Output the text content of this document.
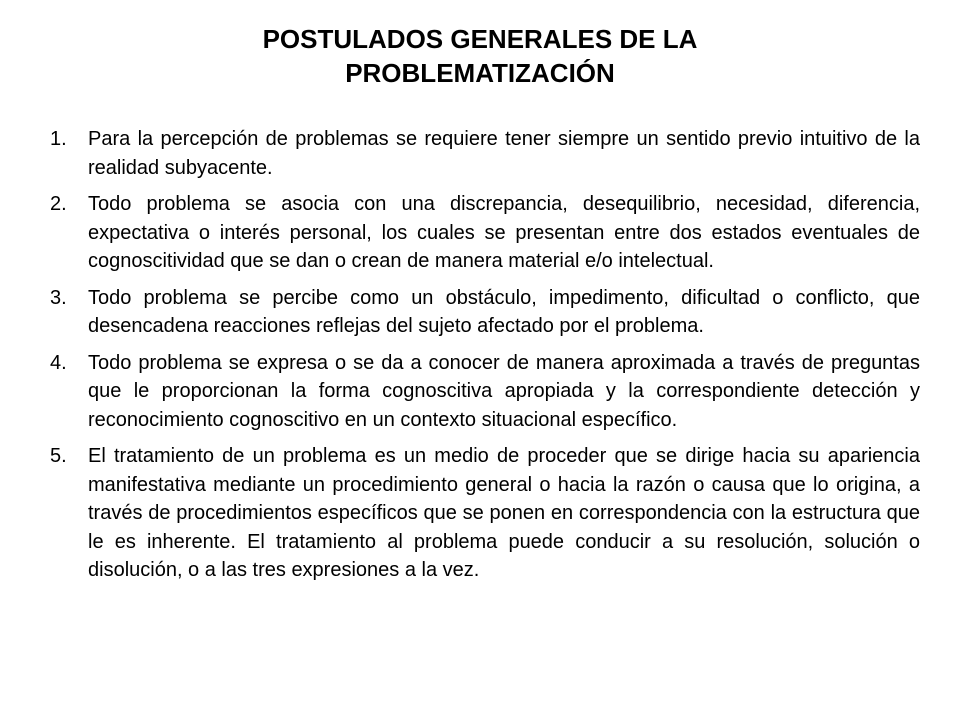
POSTULADOS GENERALES DE LA
PROBLEMATIZACIÓN
1.	Para la percepción de problemas se requiere tener siempre un sentido previo intuitivo de la realidad subyacente.
2.	Todo problema se asocia con una discrepancia, desequilibrio, necesidad, diferencia, expectativa o interés personal, los cuales se presentan entre dos estados eventuales de cognoscitividad que se dan o crean de manera material e/o intelectual.
3.	Todo problema se percibe como un obstáculo, impedimento, dificultad o conflicto, que desencadena reacciones reflejas del sujeto afectado por el problema.
4.	Todo problema se expresa o se da a conocer de manera aproximada a través de preguntas que le proporcionan la forma cognoscitiva apropiada y la correspondiente detección y reconocimiento cognoscitivo en un contexto situacional específico.
5.	El tratamiento de un problema es un medio de proceder que se dirige hacia su apariencia manifestativa mediante un procedimiento general o hacia la razón o causa que lo origina, a través de procedimientos específicos que se ponen en correspondencia con la estructura que le es inherente. El tratamiento al problema puede conducir a su resolución, solución o disolución, o a las tres expresiones a la vez.
